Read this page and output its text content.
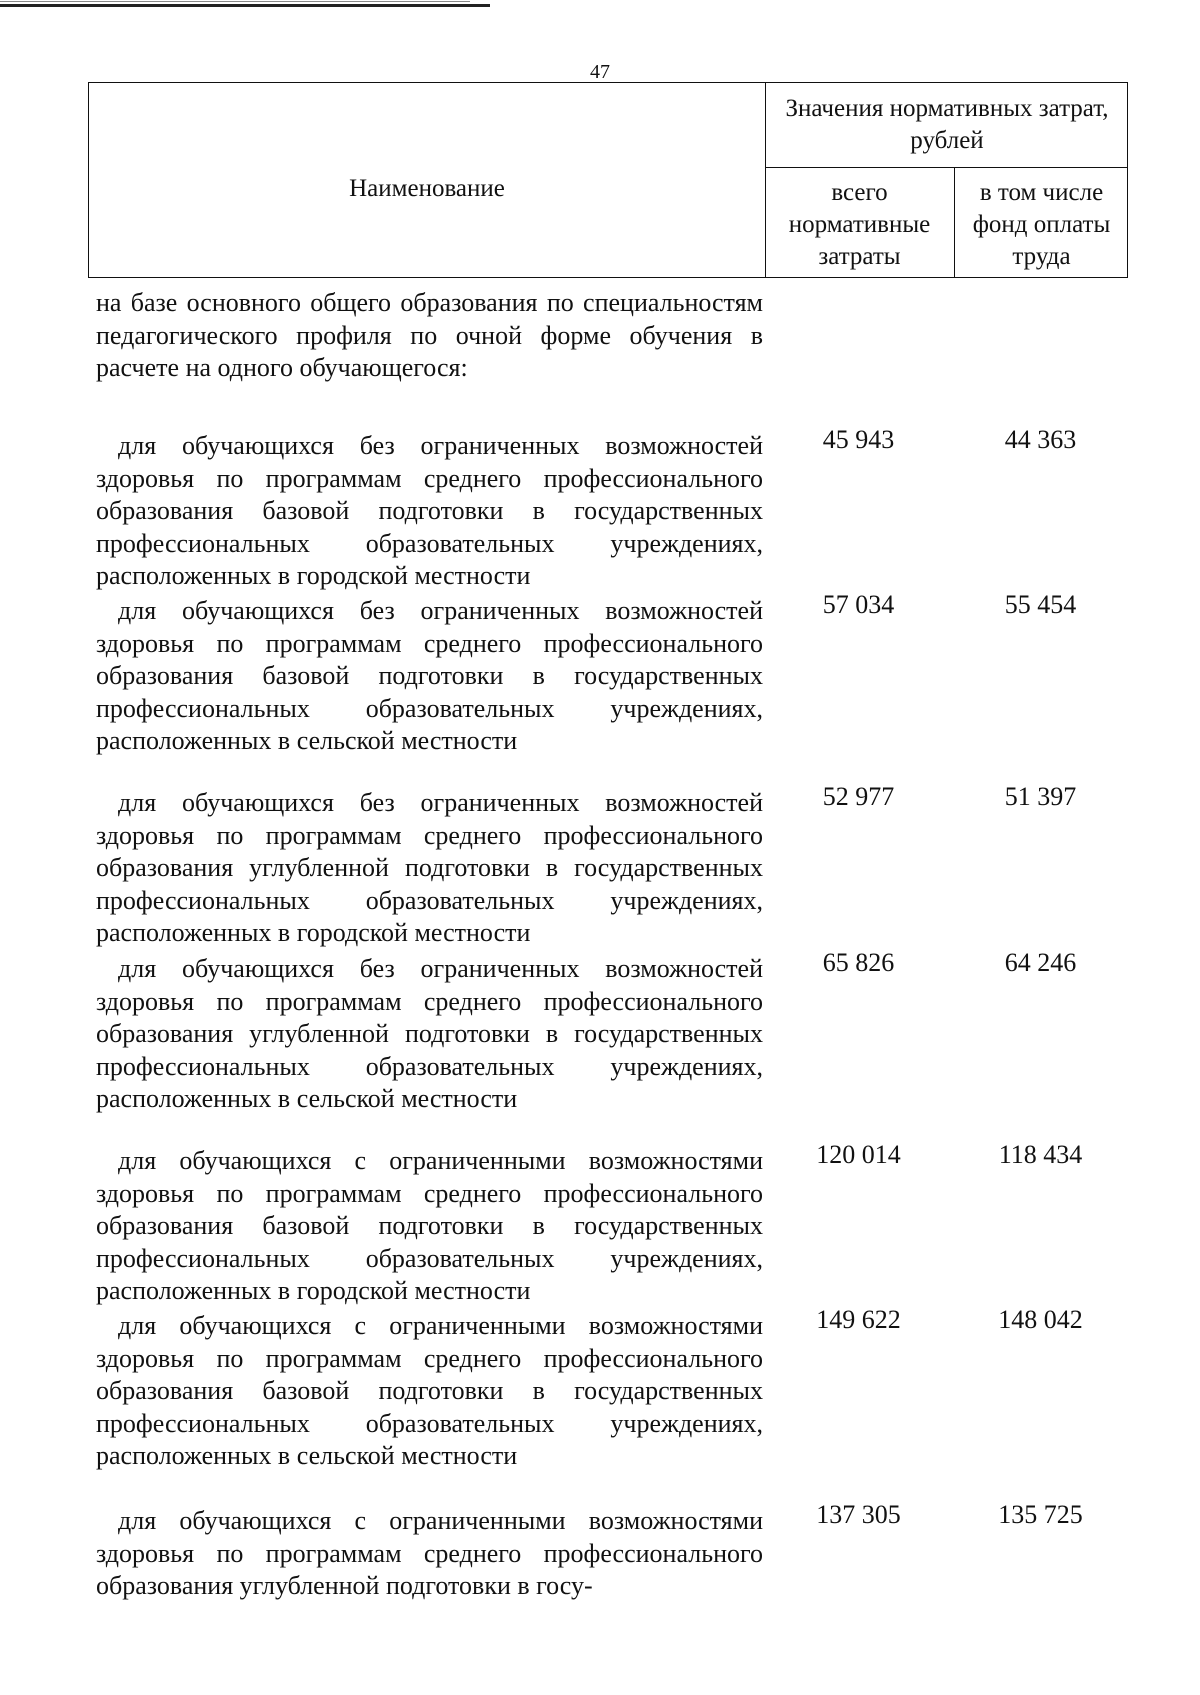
47
Наименование
Значения нормативных затрат, рублей
всего нормативные затраты
в том числе фонд оплаты труда
на базе основного общего образования по специальностям педагогического профиля по очной форме обучения в расчете на одного обучающегося:

для обучающихся без ограниченных возможностей здоровья по программам среднего профессионального образования базовой подготовки в государственных профессиональных образовательных учреждениях, расположенных в городской местности

45 943	44 363

для обучающихся без ограниченных возможностей здоровья по программам среднего профессионального образования базовой подготовки в государственных профессиональных образовательных учреждениях, расположенных в сельской местности

57 034	55 454

для обучающихся без ограниченных возможностей здоровья по программам среднего профессионального образования углубленной подготовки в государственных профессиональных образовательных учреждениях, расположенных в городской местности

52 977	51 397

для обучающихся без ограниченных возможностей здоровья по программам среднего профессионального образования углубленной подготовки в государственных профессиональных образовательных учреждениях, расположенных в сельской местности

65 826	64 246

для обучающихся с ограниченными возможностями здоровья по программам среднего профессионального образования базовой подготовки в государственных профессиональных образовательных учреждениях, расположенных в городской местности

120 014	118 434

для обучающихся с ограниченными возможностями здоровья по программам среднего профессионального образования базовой подготовки в государственных профессиональных образовательных учреждениях, расположенных в сельской местности

149 622	148 042

для обучающихся с ограниченными возможностями здоровья по программам среднего профессионального образования углубленной подготовки в госу-

137 305	135 725
